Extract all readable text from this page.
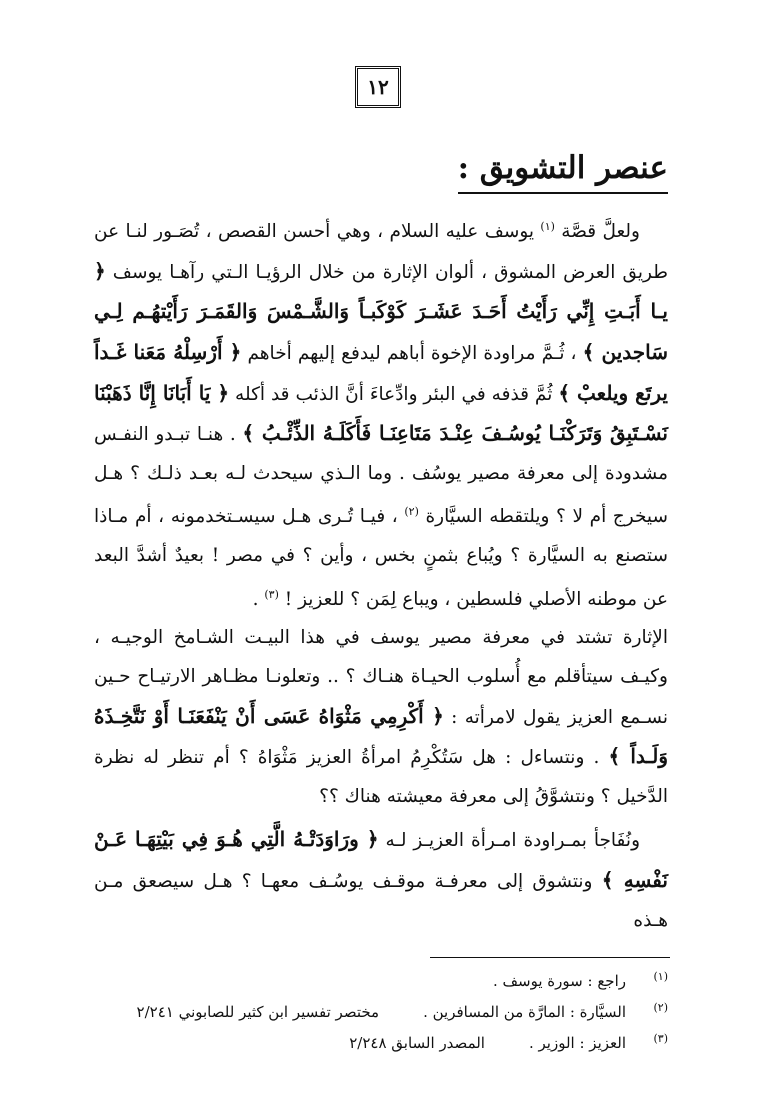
١٢
عنصر التشويق :

ولعلَّ قصَّة $^{(١)}$ يوسف عليه السلام ، وهي أحسن القصص ، تُصَـور لنـا عن طريق العرض المشوق ، ألوان الإثارة من خلال الرؤيـا الـتي رآهـا يوسف ﴿ يـا أَبَـتِ إِنِّي رَأَيْتُ أَحَـدَ عَشَـرَ كَوْكَبـاً وَالشَّـمْسَ وَالقَمَـرَ رَأَيْتهُـم لِـي سَاجدين ﴾ ، ثُـمَّ مراودة الإخوة أباهم ليدفع إليهم أخاهم ﴿ أَرْسِلْهُ مَعَنا غَـداً يرتَع ويلعبْ ﴾ ثُمَّ قذفه في البئر وادِّعاءَ أنَّ الذئب قد أكله ﴿ يَا أَبَانَا إِنَّا ذَهَبْنَا نَسْـتَبِقُ وَتَرَكْنَـا يُوسُـفَ عِنْـدَ مَتَاعِنَـا فَأَكَلَـهُ الذِّئْـبُ ﴾ . هنـا تبـدو النفـس مشدودة إلى معرفة مصير يوسُف . وما الـذي سيحدث لـه بعـد ذلـك ؟ هـل سيخرج أم لا ؟ ويلتقطه السيَّارة $^{(٢)}$ ، فيـا تُـرى هـل سيسـتخدمونه ، أم مـاذا ستصنع به السيَّارة ؟ ويُباع بثمنٍ بخس ، وأين ؟ في مصر ! بعيدٌ أشدَّ البعد عن موطنه الأصلي فلسطين ، ويباع لِمَن ؟ للعزيز ! $^{(٣)}$ .

الإثارة تشتد في معرفة مصير يوسف في هذا البيـت الشـامخ الوجيـه ، وكيـف سيتأقلم مع أُسلوب الحيـاة هنـاك ؟ .. وتعلونـا مظـاهر الارتيـاح حـين نسـمع العزيز يقول لامرأته : ﴿ أَكْرِمِي مَثْوَاهُ عَسَى أَنْ يَنْفَعَنَـا أَوْ نَتَّخِـذَهُ وَلَـداً ﴾ . ونتساءل : هل سَتُكْرِمُ امرأةُ العزيز مَثْوَاهُ ؟ أم تنظر له نظرة الدَّخيل ؟ ونتشوَّقُ إلى معرفة معيشته هناك ؟؟

ونُفَاجأ بمـراودة امـرأة العزيـز لـه ﴿ ورَاوَدَتْـهُ الَّتِي هُـوَ فِي بَيْتِهَـا عَـنْ نَفْسِهِ ﴾ ونتشوق إلى معرفـة موقـف يوسُـف معهـا ؟ هـل سيصعق مـن هـذه

(١)
راجع : سورة يوسف .
(٢)
السيَّارة : المارَّة من المسافرين .
مختصر تفسير ابن كثير للصابوني ٢/٢٤١
(٣)
العزيز : الوزير .
المصدر السابق ٢/٢٤٨
